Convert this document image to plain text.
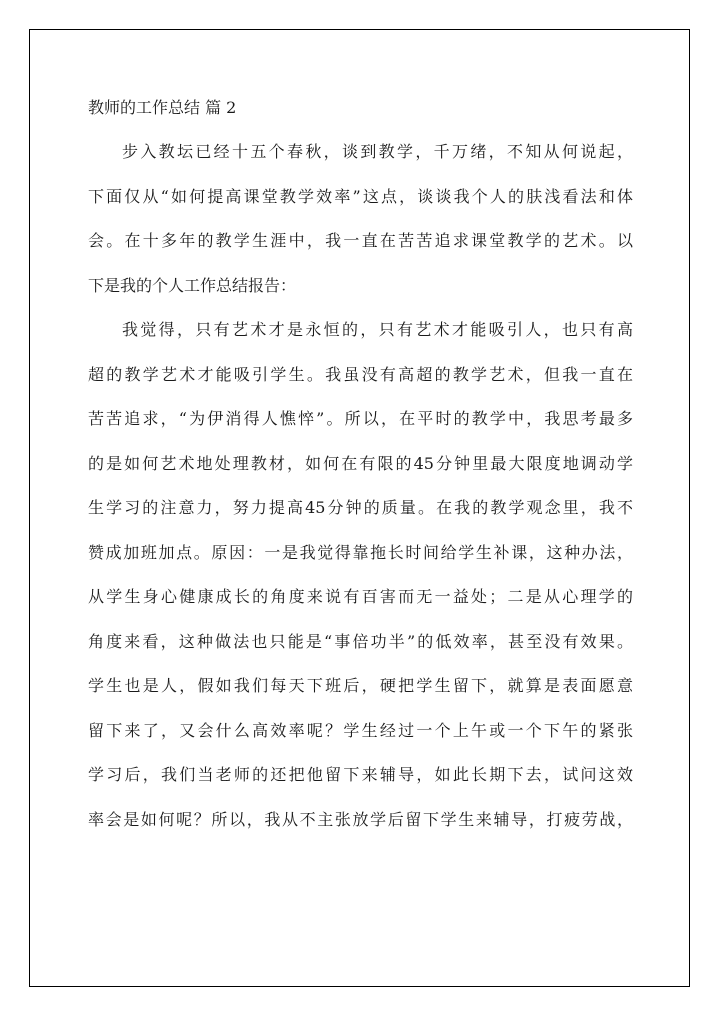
教师的工作总结 篇 2
步入教坛已经十五个春秋，谈到教学，千万绪，不知从何说起，
下面仅从“如何提高课堂教学效率”这点，谈谈我个人的肤浅看法和体
会。在十多年的教学生涯中，我一直在苦苦追求课堂教学的艺术。以
下是我的个人工作总结报告：
我觉得，只有艺术才是永恒的，只有艺术才能吸引人，也只有高
超的教学艺术才能吸引学生。我虽没有高超的教学艺术，但我一直在
苦苦追求，“为伊消得人憔悴”。所以，在平时的教学中，我思考最多
的是如何艺术地处理教材，如何在有限的45分钟里最大限度地调动学
生学习的注意力，努力提高45分钟的质量。在我的教学观念里，我不
赞成加班加点。原因：一是我觉得靠拖长时间给学生补课，这种办法，
从学生身心健康成长的角度来说有百害而无一益处；二是从心理学的
角度来看，这种做法也只能是“事倍功半”的低效率，甚至没有效果。
学生也是人，假如我们每天下班后，硬把学生留下，就算是表面愿意
留下来了，又会什么高效率呢？学生经过一个上午或一个下午的紧张
学习后，我们当老师的还把他留下来辅导，如此长期下去，试问这效
率会是如何呢？所以，我从不主张放学后留下学生来辅导，打疲劳战，
